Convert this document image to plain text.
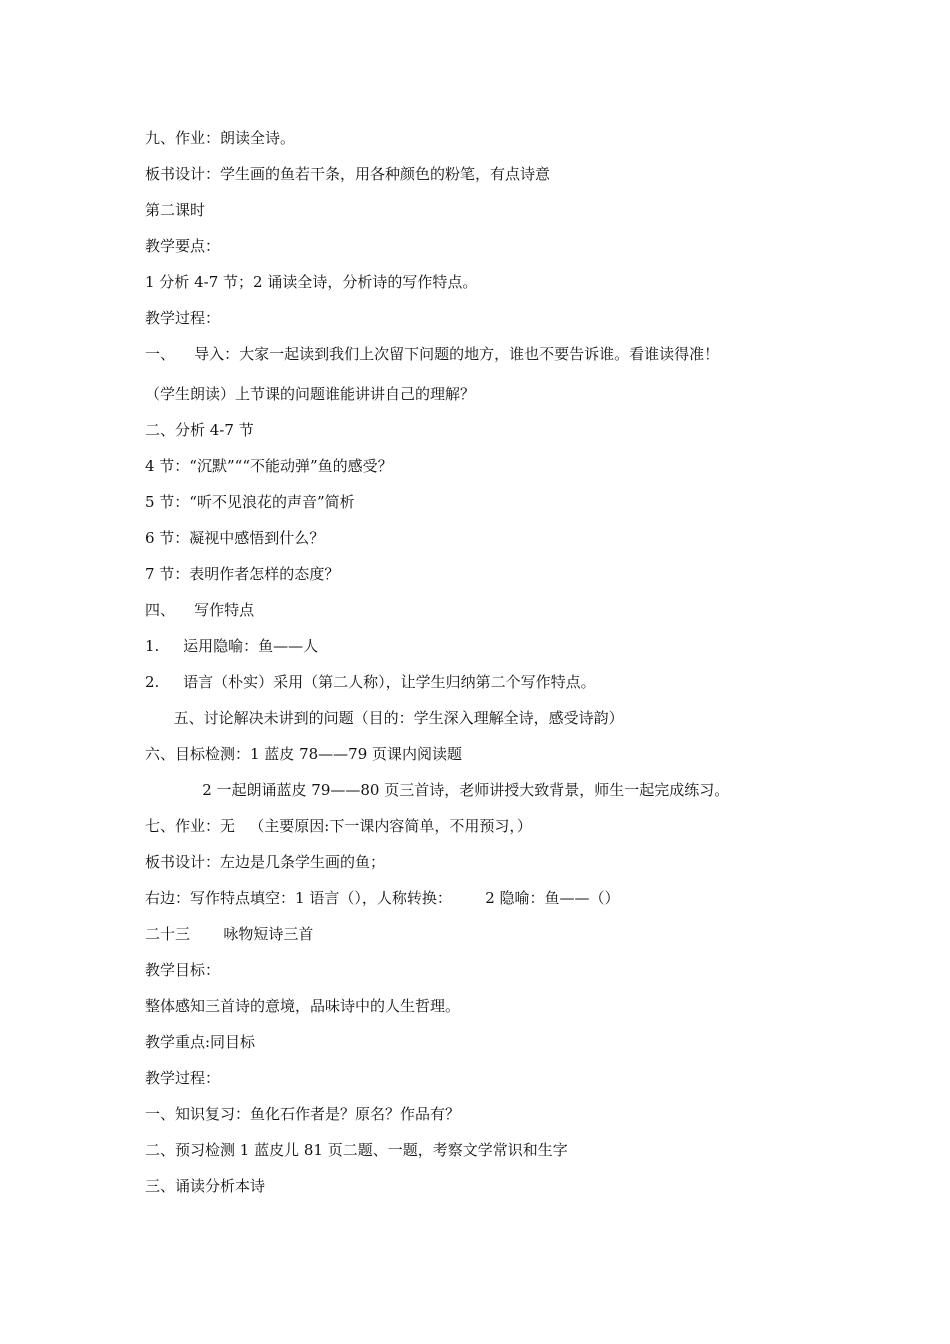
九、作业：朗读全诗。
板书设计：学生画的鱼若干条，用各种颜色的粉笔，有点诗意
第二课时
教学要点：
1 分析 4-7 节；2 诵读全诗，分析诗的写作特点。
教学过程：
一、    导入：大家一起读到我们上次留下问题的地方，谁也不要告诉谁。看谁读得准！
（学生朗读）上节课的问题谁能讲讲自己的理解？
二、分析 4-7 节
4 节：“沉默”““不能动弹”鱼的感受？
5 节：“听不见浪花的声音”简析
6 节：凝视中感悟到什么？
7 节：表明作者怎样的态度？
四、    写作特点
1.     运用隐喻：鱼——人
2.     语言（朴实）采用（第二人称），让学生归纳第二个写作特点。
五、讨论解决未讲到的问题（目的：学生深入理解全诗，感受诗韵）
六、目标检测：1 蓝皮 78——79 页课内阅读题
2 一起朗诵蓝皮 79——80 页三首诗，老师讲授大致背景，师生一起完成练习。
七、作业：无   （主要原因:下一课内容简单，不用预习，）
板书设计：左边是几条学生画的鱼；
右边：写作特点填空：1 语言（），人称转换：       2 隐喻：鱼——（）
二十三       咏物短诗三首
教学目标：
整体感知三首诗的意境，品味诗中的人生哲理。
教学重点:同目标
教学过程：
一、知识复习：鱼化石作者是？原名？作品有？
二、预习检测 1 蓝皮儿 81 页二题、一题，考察文学常识和生字
三、诵读分析本诗
